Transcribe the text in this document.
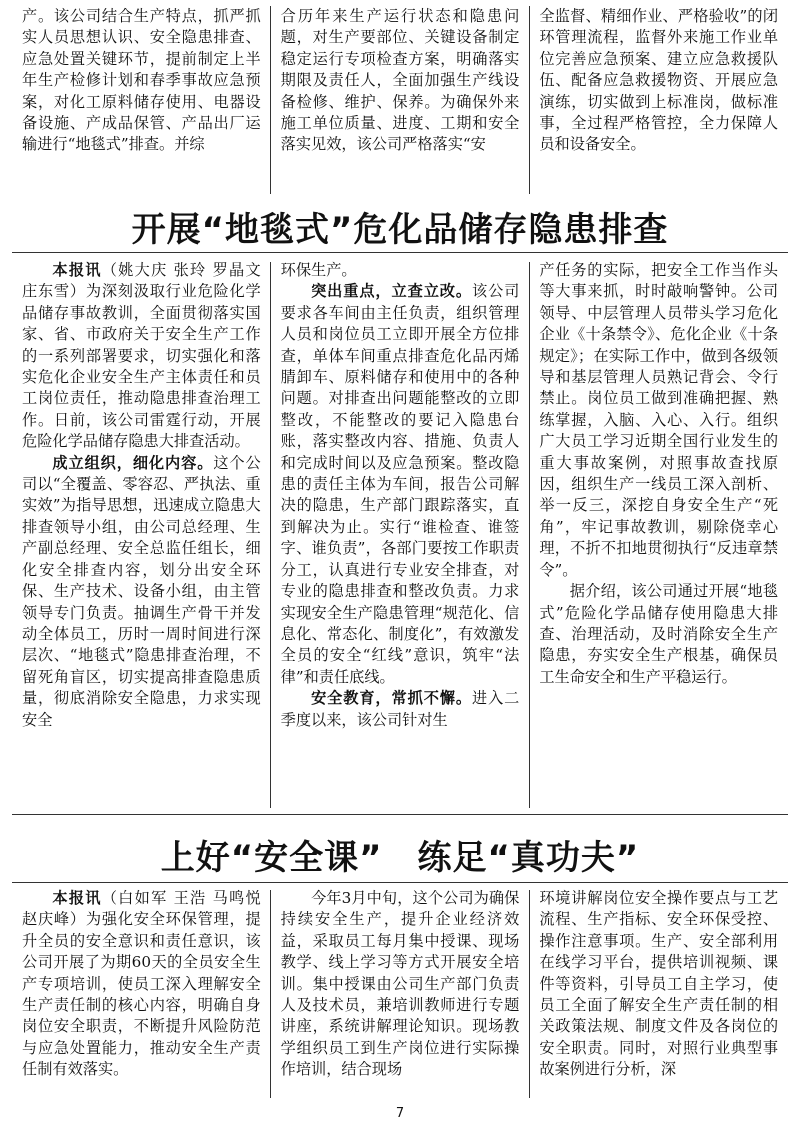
产。该公司结合生产特点，抓严抓实人员思想认识、安全隐患排查、应急处置关键环节，提前制定上半年生产检修计划和春季事故应急预案，对化工原料储存使用、电器设备设施、产成品保管、产品出厂运输进行“地毯式”排查。并综

合历年来生产运行状态和隐患问题，对生产要部位、关键设备制定稳定运行专项检查方案，明确落实期限及责任人，全面加强生产线设备检修、维护、保养。为确保外来施工单位质量、进度、工期和安全落实见效，该公司严格落实“安

全监督、精细作业、严格验收”的闭环管理流程，监督外来施工作业单位完善应急预案、建立应急救援队伍、配备应急救援物资、开展应急演练，切实做到上标准岗，做标准事，全过程严格管控，全力保障人员和设备安全。

开展“地毯式”危化品储存隐患排查

本报讯（姚大庆 张玲 罗晶文 庄东雪）为深刻汲取行业危险化学品储存事故教训，全面贯彻落实国家、省、市政府关于安全生产工作的一系列部署要求，切实强化和落实危化企业安全生产主体责任和员工岗位责任，推动隐患排查治理工作。日前，该公司雷霆行动，开展危险化学品储存隐患大排查活动。

成立组织，细化内容。这个公司以“全覆盖、零容忍、严执法、重实效”为指导思想，迅速成立隐患大排查领导小组，由公司总经理、生产副总经理、安全总监任组长，细化安全排查内容，划分出安全环保、生产技术、设备小组，由主管领导专门负责。抽调生产骨干并发动全体员工，历时一周时间进行深层次、“地毯式”隐患排查治理，不留死角盲区，切实提高排查隐患质量，彻底消除安全隐患，力求实现安全

环保生产。

突出重点，立查立改。该公司要求各车间由主任负责，组织管理人员和岗位员工立即开展全方位排查，单体车间重点排查危化品丙烯腈卸车、原料储存和使用中的各种问题。对排查出问题能整改的立即整改，不能整改的要记入隐患台账，落实整改内容、措施、负责人和完成时间以及应急预案。整改隐患的责任主体为车间，报告公司解决的隐患，生产部门跟踪落实，直到解决为止。实行“谁检查、谁签字、谁负责”，各部门要按工作职责分工，认真进行专业安全排查，对专业的隐患排查和整改负责。力求实现安全生产隐患管理“规范化、信息化、常态化、制度化”，有效激发全员的安全“红线”意识，筑牢“法律”和责任底线。

安全教育，常抓不懈。进入二季度以来，该公司针对生

产任务的实际，把安全工作当作头等大事来抓，时时敲响警钟。公司领导、中层管理人员带头学习危化企业《十条禁令》、危化企业《十条规定》；在实际工作中，做到各级领导和基层管理人员熟记背会、令行禁止。岗位员工做到准确把握、熟练掌握，入脑、入心、入行。组织广大员工学习近期全国行业发生的重大事故案例，对照事故查找原因，组织生产一线员工深入剖析、举一反三，深挖自身安全生产“死角”，牢记事故教训，剔除侥幸心理，不折不扣地贯彻执行“反违章禁令”。

据介绍，该公司通过开展“地毯式”危险化学品储存使用隐患大排查、治理活动，及时消除安全生产隐患，夯实安全生产根基，确保员工生命安全和生产平稳运行。

上好“安全课”　练足“真功夫”

本报讯（白如军 王浩 马鸣悦 赵庆峰）为强化安全环保管理，提升全员的安全意识和责任意识，该公司开展了为期60天的全员安全生产专项培训，使员工深入理解安全生产责任制的核心内容，明确自身岗位安全职责，不断提升风险防范与应急处置能力，推动安全生产责任制有效落实。

今年3月中旬，这个公司为确保持续安全生产，提升企业经济效益，采取员工每月集中授课、现场教学、线上学习等方式开展安全培训。集中授课由公司生产部门负责人及技术员，兼培训教师进行专题讲座，系统讲解理论知识。现场教学组织员工到生产岗位进行实际操作培训，结合现场

环境讲解岗位安全操作要点与工艺流程、生产指标、安全环保受控、操作注意事项。生产、安全部利用在线学习平台，提供培训视频、课件等资料，引导员工自主学习，使员工全面了解安全生产责任制的相关政策法规、制度文件及各岗位的安全职责。同时，对照行业典型事故案例进行分析，深

7
